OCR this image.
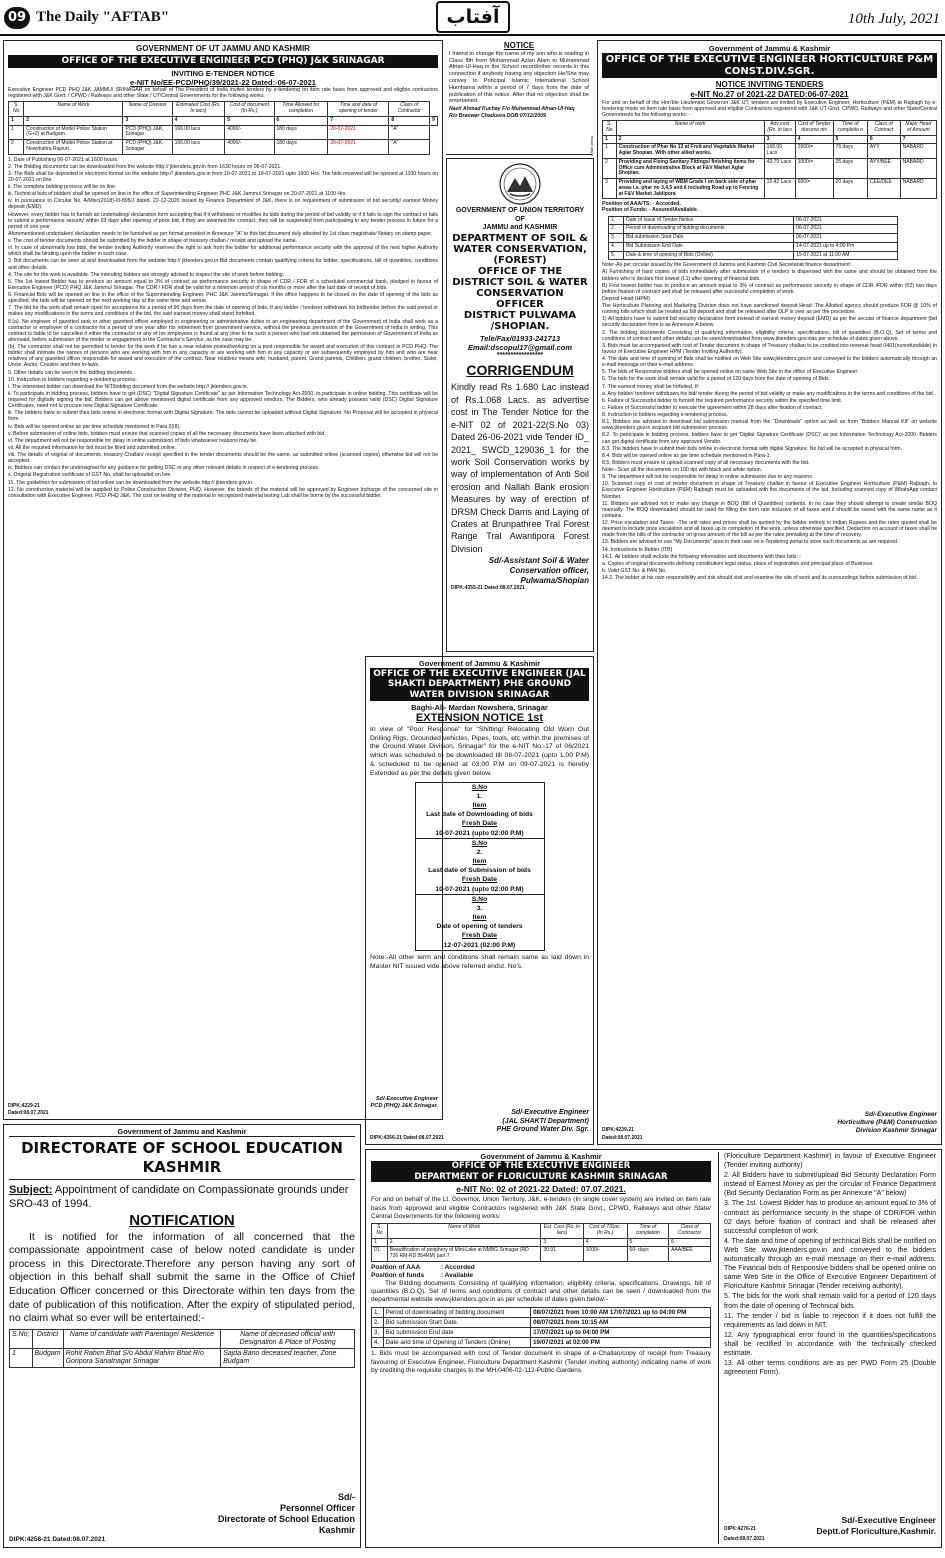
09 The Daily "AFTAB"	آفتاب	10th July, 2021
GOVERNMENT OF UT JAMMU AND KASHMIR
OFFICE OF THE EXECUTIVE ENGINEER PCD (PHQ) J&K SRINAGAR
INVITING E-TENDER NOTICE
e-NIT No/EE-PCD/PHQ/39/2021-22 Dated:-06-07-2021

Executive Engineer PCD PHQ J&K JAMMU/ SRINAGAR on behalf of The President of India invites tenders by e-tendering on item rate basis from approved and eligible contractors registered with J&K Govt. / CPWD / Railways and other State / UT/Central Governments for the following works.

S. No	Name of Work	Name of Division	Estimated Cost (Rs. In lacs)	Cost of document (In Rs.)	Time Allowed for completion	Time and date of opening of tender	Class of Contractor	
1	2	3	4	5	6	7	8	9
1	Construction of Model Police Station (G+2) at Budgam.	PCD (PHQ) J&K, Srinagar	166.00 lacs	4000/-	180 days	20-07-2021	"A"	
2	Construction of Model Police Station at Nowshahra Rajouri.	PCD (PHQ) J&K, Srinagar	166.00 lacs	4000/-	180 days	20-07-2021	"A"	

1. Date of Publishing 06-07-2021 at 1600 hours.

2. The Bidding documents can be downloaded from the website http:// jktenders.gov.in from 1630 hours on 06-07-2021.

3. The Bids shall be deposited in electronic format on the website http:// jktenders.gov.in from 10-07-2021 to 19-07-2021 upto 1600 Hrs. The bids received will be opened at 1100 hours on 20-07-2021 on line.

ii. The complete bidding process will be on line.

iii. Technical bids of bidders shall be opened on line in the office of Superintending Engineer PHC J&K Jammu/ Srinagar on 20-07-2021 at 1100 Hrs.

iv. In pursuance to Circular No. A/Misc(2018)-III-895/J dated. 22-12-2020 issued by Finance Department of J&K, there is no requirement of submission of bid security/ earnest Money deposit (EMD).

However, every bidder has to furnish an undertaking/ declaration form accepting that if it withdraws or modifies its bids during the period of bid validity or if it fails to sign the contract or fails to submit a performance security within 03 days after opening of price bid, if they are awarded the contract, they will be suspended from participating in any tender process in future for a period of one year.

Aforementioned undertaken/ declaration needs to be furnished as per format provided in Annexure "A" to this bid document duly attested by 1st class magistrate/ Notary on stamp paper.

v. The cost of tender documents should be submitted by the bidder in shape of treasury challan / receipt and upload the same.

vi. In case of abnormally low bids, the tender inviting Authority reserves the right to ask from the bidder for additional performance security with the approval of the next higher Authority which shall be binding upon the bidder in such case.

3. Bid documents can be seen at and downloaded from the website http:// jktenders.gov.in Bid documents contain qualifying criteria for bidder, specifications, bill of quantities, conditions and other details.

4. The site for the work is available. The intending bidders are strongly advised to inspect the site of work before bidding.

5. The 1st lowest Bidder has to produce an amount equal to 3% of contract as performance security in shape of CDR / FDR of a scheduled commercial bank, pledged in favour of Executive Engineer (PCD) PHQ J&K Jammu/ Srinagar. The CDR / FDR shall be valid for a minimum period of six months or more after the last date of receipt of bids.

6. Financial Bids will be opened on line in the office of the Superintending Engineer, PHC J&K Jammu/Srinagar. If the office happens to be closed on the date of opening of the bids as specified, the bids will be opened on the next working day at the same time and venue.

7. The bid for the work shall remain open for acceptance for a period of 90 days from the date of opening of bids. If any bidder / tenderer withdraws his bid/tender before the said period or makes any modifications in the terms and conditions of the bid, the said earnest money shall stand forfeited.

8.(a). No engineer of gazetted rank or other gazetted officer employed in engineering or administrative duties in an engineering department of the Government of India shall work as a contractor or employee of a contractor for a period of one year after his retirement from government service, without the previous permission of the Government of India in writing. This contract is liable to be cancelled if either the contractor or any of his employees is found at any time to be such a person who had not obtained the permission of Government of India as aforesaid, before submission of the tender or engagement in the Contractor's Service, as the case may be.

(b). The contractor shall not be permitted to tender for the work if he has a near relative posted/working on a post responsible for award and execution of this contract in PCD PHQ. The bidder shall intimate the names of persons who are working with him in any capacity or are working with him in any capacity or are subsequently employed by him and who are near relatives of any gazetted officer responsible for award and execution of the contract. Near relatives means wife, husband, parent, Grand parents, Children, grand children, brother, Sister, Uncle, Aunts, Cousins and their in-laws.

9. Other details can be seen in the bidding documents.

10. Instruction to bidders regarding e-tendering process.

i. The interested bidder can download the NIT/bidding document from the website http:// jktenders.gov.in.

ii. To participate in bidding process, bidders have to get (DSC) "Digital Signature Certificate" as per Information Technology Act-2000, to participate in online bidding. This certificate will be required for digitally signing the bid. Bidders can get above mentioned digital certificate from any approved vendors. The Bidders, who already possess valid (DSC) Digital Signature Certificates, need not to procure new Digital Signature Certificate.

iii. The bidders have to submit their bids online in electronic format with Digital Signature. The bids cannot be uploaded without Digital Signature. No Proposal will be accepted in physical form.

iv. Bids will be opened online as per time schedule mentioned in Para 2(III).

v. Before submission of online bids, bidders must ensure that scanned copies of all the necessary documents have been attached with bid.

vi. The department will not be responsible for delay in online submission of bids whatsoever reasons may be.

vii. All the required information for bid must be filled and submitted online.

viii. The details of original of documents, treasury Challan/ receipt specified in the tender documents should be the same, as submitted online (scanned copies) otherwise bid will not be accepted.

ix. Bidders can contact the undersigned for any guidance for getting DSC or any other relevant details in respect of e-tendering process.

x. Original Registration certificate of GST No. shall be uploaded on line.

11. The guidelines for submission of bid online can be downloaded from the website http:// jktenders.gov.in.

12. No construction material will be supplied by Police Construction Division, PHQ. However, the brands of the material will be approved by Engineer Incharge of the concerned site in consultation with Executive Engineer, PCD PHQ J&K. The cost on testing of the material in recognized material testing Lab shall be borne by the successful bidder.

Sd/-Executive Engineer
DIPK:4229-21	PCD (PHQ) J&K Srinagar.
Dated:08.07.2021
NOTICE

I Intend to change the name of my son who is reading in Class 8th from Mohammad Azlan Alam to Muhammad Afnan-Ul-Haq in the School record/other records.In this connection if anybody having any objection He/She may convey to Principal Islamic International School Humhama within a period of 7 days from the date of publication of this notice. After that no objection shall be entertained.

Nazir Ahmad Kuchay F/o Muhammad Afnan-Ul-Haq
R/o Branwar Chadoora DOB:07/12/2009
Aftab press
GOVERNMENT OF UNION TERRITORY OF
JAMMU and KASHMIR
DEPARTMENT OF SOIL & WATER CONSERVATION, (FOREST)
OFFICE OF THE DISTRICT SOIL & WATER CONSERVATION OFFICER
DISTRICT PULWAMA /SHOPIAN.
Tele/Fax/01933-241713
Email:dscopul17@gmail.com
*****************
CORRIGENDUM

Kindly read Rs 1.680 Lac instead of Rs.1.068 Lacs. as advertise cost in The Tender Notice for the e-NIT 02 of 2021-22(S.No 03) Dated 26-06-2021 vide Tender ID_ 2021_ SWCD_129036_1 for the work Soil Conservation works by way of implementation of Anti Soil erosion and Nallah Bank erosion Measures by way of erection of DRSM Check Dams and Laying of Crates at Brunpathree Tral Forest Range Tral Awantipora Forest Division

Sd/-Assistant Soil & Water
Conservation officer, Pulwama/Shopian
DIPK:4355-21 Dated:08.07.2021
Government of Jammu & Kashmir
OFFICE OF THE EXECUTIVE ENGINEER (JAL SHAKTI DEPARTMENT) PHE GROUND WATER DIVISION SRINAGAR
Baghi-Ali- Mardan Nowshera, Srinagar
EXTENSION NOTICE 1st

In view of "Poor Response" for "Shifting/ Relocating Old Worn Out Drilling Rigs, Grounded vehicles, Pipes, tools, etc within the premises of the Ground Water Division, Srinagar" for the e-NIT No:-17 of 06/2021 which was scheduled to be downloaded till 08-07-2021 (upto 1.00 P.M) & scheduled to be opened at 03:00 P.M on 09-07-2021 is hereby Extended as per the details given below.

S.No
1.
Item
Last date of Downloading of bids
Fresh Date
10-07-2021 (upto 02:00 P.M)
S.No
2.
Item
Last date of Submission of bids
Fresh Date
10-07-2021 (upto 02:00 P.M)
S.No
3.
Item
Date of opening of tenders
Fresh Date
12-07-2021 (02:00 P.M)

Note:-All other term and conditions shall remain same as laid down in Master NIT issued vide above referred endst. No's.

Sd/-Executive Engineer
(JAL SHAKTI Department)
PHE Ground Water Div. Sgr.
DIPK:4356-21 Dated:08.07.2021
Government of Jammu & Kashmir
OFFICE OF THE EXECUTIVE ENGINEER HORTICULTURE P&M CONST.DIV.SGR.
NOTICE INVITING TENDERS
e-NIT No.27 of 2021-22 DATED:06-07-2021

For and on behalf of the Hon'ble Lieutenant Governor J&K UT, tenders are invited by Executive Engineer, Horticulture (P&M) at Rajbagh by e-tendering mode on item rate basis from approved and eligible Contractors registered with J&K UT Govt. CPWD, Railways and other State/Central Governments for the following works: -

S. No	Name of work	Adv cost (Rs. in lacs	Cost of Tender docume nts	Time of completio n	Class of Contract	Major Head of Amount
1	2	3	4	5	6	7
1	Construction of Phar No 13 at Fruit and Vegetable Market Aglar Shopian. With other allied works.	168.00 Lacs	2600/=	75 days	AYY	NABARD
2	Providing and Fixing Sanitary Fittings/ finishing items for Office cum Administrative Block at F&V Market Aglar Shopian.	43.79 Lacs	1000/=	35 days	AYY/BEE	NABARD
3	Providing and laying of WBM Grade I on back side of phar areas i.e. phar no 3,4,5 and 6 including Road up to Fencing at F&V Market Jablipora	15.42 Lacs	600/=	20 days	CEE/DEE	NABARD
Position of AAA/TS: - Accorded.
Position of Funds: - Assured/Available.
1.	Date of Issue of Tender Notice	06-07-2021
2.	Period of downloading of bidding documents	06-07-2021
3.	Bid submission Start Date	06-07-2021
4.	Bid Submission End Date	14-07-2021 up to 4:00 Pm
5.	Date & time of opening of Bids (Online)	15-07-2021 at 11:00 AM

Note:-As per circular issued by the Government of Jammu and Kashmir Civil Secretariat finance department:

A) Furnishing of hard copies of bids immediately after submission of e tenders is dispensed with the same and should be obtained from the bidders who is declare first lowest (L1) after opening of financial bids.

B) First lowest bidder has to produce an amount equal to 3% of contract as performance security in shape of CDR /FDR within (02) two days before fixation of contract and shall be released after successful completion of work.

Deposit Head (HPM)

The Horticulture Planning and Marketing Division does not have sanctioned deposit Head. The Allotted agency should produce FDR @ 10% of running bills which shall be treated as bill deposit and shall be released after DLP is over as per the procedure.

1) All bidders have to submit bid security declaration form instead of earnest money deposit (EMD) as per the secular of finance department (bid security declaration form is as Annexure A below.

2. The bidding documents Consisting of qualifying information, eligibility criteria, specifications, bill of quantities (B.O.Q), Set of terms and conditions of contract and other details can be seen/downloaded from www.jktenders.gov.inas per schedule of dates given above.

3. Bids must be accompanied with cost of Tender document in shape of Treasury challan to be credited into revenue head 0401(nonrefundable) in favour of Executive Engineer HPM (Tender Inviting Authority).

4. The date and time of opening of Bids shall be notified on Web Site www.jktenders.gov.in and conveyed to the bidders automatically through an e-mail message on their e-mail address.

5. The bids of Responsive bidders shall be opened online on same Web Site in the office of Executive Engineer.

6. The bids for the work shall remain valid for a period of 120 days from the date of opening of Bids.

7. The earnest money shall be forfeited, If:

a. Any bidder/ tenderer withdraws his bid/ tender during the period of bid validity or make any modifications in the terms and conditions of the bid.

b. Failure of Successful bidder to furnish the required performance security within the specified time limit.

c. Failure of Successful bidder to execute the agreement within 28 days after fixation of contract.

8. Instruction to bidders regarding e-tendering process.

8.1. Bidders are advised to download bid submission manual from the "Downloads" option as well as from "Bidders Manual Kit" on website www.jktenders.gov.in acquaint bid submission process.

8.2. To participate in bidding process, bidders have to get 'Digital Signature Certificate (DSC)' as per Information Technology Act-2000. Bidders can get digital certificate from any approved Vendor.

8.3. The bidders have to submit their bids online in electronic format with digital Signature. No bid will be accepted in physical form.

8.4. Bids will be opened online as per time schedule mentioned in Para-1.

8.5. Bidders must ensure to upload scanned copy of all necessary documents with the bid.

Note:- Scan all the documents on 100 dpi with black and white option.

9. The department will not be responsible for delay in online submission due to any reasons.

10. Scanned copy of cost of tender document in shape of Treasury challan in favour of Executive Engineer Horticulture (P&M) Rajbagh, to Executive Engineer Horticulture (P&M) Rajbagh must be uploaded with the documents of the bid. Including scanned copy of WhatsApp contact Number.

11. Bidders are advised not to make any change in BOQ (Bill of Quantities) contents. In no case they should attempt to create similar BOQ manually. The BOQ downloaded should be used for filling the item rate inclusive of all taxes and it should be saved with the same name as it contains.

12. Price escalation and Taxes: -The unit rates and prices shall be quoted by the bidder entirely in Indian Rupees and the rates quoted shall be deemed to include price escalation and all taxes up to completion of the work, unless otherwise specified. Deduction on account of taxes shall be made from the bills of the contractor on gross amount of the bill as per the rates prevailing at the time of recovery.

13. Bidders are advised to use "My Documents" area in their user on e-Tendering portal to store such documents as are required.

14. Instructions to Bidder (ITB)

14.1. All bidders shall include the following information and documents with their bids: -

a. Copies of original documents defining constitution/ legal status, place of registration and principal place of Business.

b. Valid GST No. & PAN No.

14.2. The bidder at his own responsibility and risk should visit and examine the site of work and its surroundings before submission of bid.

Sd/-Executive Engineer
Horticulture (P&M) Construction
DIPK:4239-21	Division Kashmir Srinagar
Dated:08.07.2021
Government of Jammu and Kashmir
DIRECTORATE OF SCHOOL EDUCATION KASHMIR

Subject: Appointment of candidate on Compassionate grounds under SRO-43 of 1994.

NOTIFICATION

It is notified for the information of all concerned that the compassionate appointment case of below noted candidate is under process in this Directorate.Therefore any person having any sort of objection in this behalf shall submit the same in the Office of Chief Education Officer concerned or this Directorate within ten days from the date of publication of this notification. After the expiry of stipulated period, no claim what so ever will be entertained:-

S.No;	District	Name of candidate with Parentage/ Residence	Name of deceased official with Designation & Place of Posting
1	Budgam	Rohit Rahim Bhat S/o Abdul Rahim Bhat R/o Goripora Sanatnagar Srinagar	Sajda Bano deceased teacher, Zone Budgam
Sd/-
Personnel Officer
Directorate of School Education
Kashmir
DIPK:4258-21 Dated:08.07.2021
Government of Jammu & Kashmir
OFFICE OF THE EXECUTIVE ENGINEER
DEPARTMENT OF FLORICULTURE KASHMIR SRINAGAR
e-NIT No: 02 of 2021-22 Dated: 07.07.2021.

For and on behalf of the Lt. Governor, Union Territory, J&K, e-tenders (In single cover system) are invited on item rate basis from approved and eligible Contractors registered with J&K State Govt., CPWD, Railways and other State/ Central Governments for the following works:

S. No	Name of Work	Est. Cost (Rs. In lacs)	Cost of T/Doc. (In Rs.)	Time of completion	Class of Contractor
1	2	3	4	5	6
01.	Beautification of periphery of Mini-Lake at NMBG Srinagar (RD 726 RM-RD 854RM) part 7.	30.91	1000/-	60- days	AAA/BEE
Position of AAA	: Accorded
Position of funds	: Available

The Bidding documents Consisting of qualifying information, eligibility criteria, specifications, Drawings, bill of quantities (B.O.Q), Set of terms and conditions of contract and other details can be seen / downloaded from the departmental website www.jktenders.gov.in as per schedule of dates given below:-

1.	Period of downloading of bidding document	08/07/2021 from 10:00 AM 17/07/2021 up to 04:00 PM
2.	Bid submission Start Date.	08/07/2021 from 10:15 AM
3.	Bid submission End date	17/07/2021 up to 04:00 PM
4.	Date and time of Opening of Tenders (Online)	19/07/2021 at 02:00 PM

1. Bids must be accompanied with cost of Tender document in shape of e-Challan/copy of receipt from Treasury favouring of Executive Engineer, Floriculture Department Kashmir (Tender inviting authority) indicating name of work by crediting the requisite charges to the MH:0406-02-112-Public Gardens

(Floriculture Department Kashmir) in favour of Executive Engineer (Tender inviting authority)

2. All Bidders have to submit/upload Bid Security Declaration Form instead of Earnest Money as per the circular of Finance Department (Bid Security Declaration Form as per Annexure "A" below)

3. The 1st. Lowest Bidder has to produce an amount equal to 3% of contract as performance security in the shape of CDR/FDR within 02 days before fixation of contract and shall be released after successful completion of work.

4. The date and time of opening of technical Bids shall be notified on Web Site www.jktenders.gov.in and conveyed to the bidders automatically through an e-mail message on their e-mail address. The Financial bids of Responsive bidders shall be opened online on same Web Site in the Office of Executive Engineer Department of Floriculture Kashmir Srinagar (Tender receiving authority).

5. The bids for the work shall remain valid for a period of 120 days from the date of opening of Technical bids.

11. The tender / bid is liable to rejection if it does not fulfill the requirements as laid down in NIT.

12. Any typographical error found in the quantities/specifications shall be rectified in accordance with the technically checked estimate.

13. All other terms conditions are as per PWD Form 25 (Double agreement Form).

Sd/-Executive Engineer
DIPK:4276-21	Deptt.of Floriculture,Kashmir.
Dated:08.07.2021
